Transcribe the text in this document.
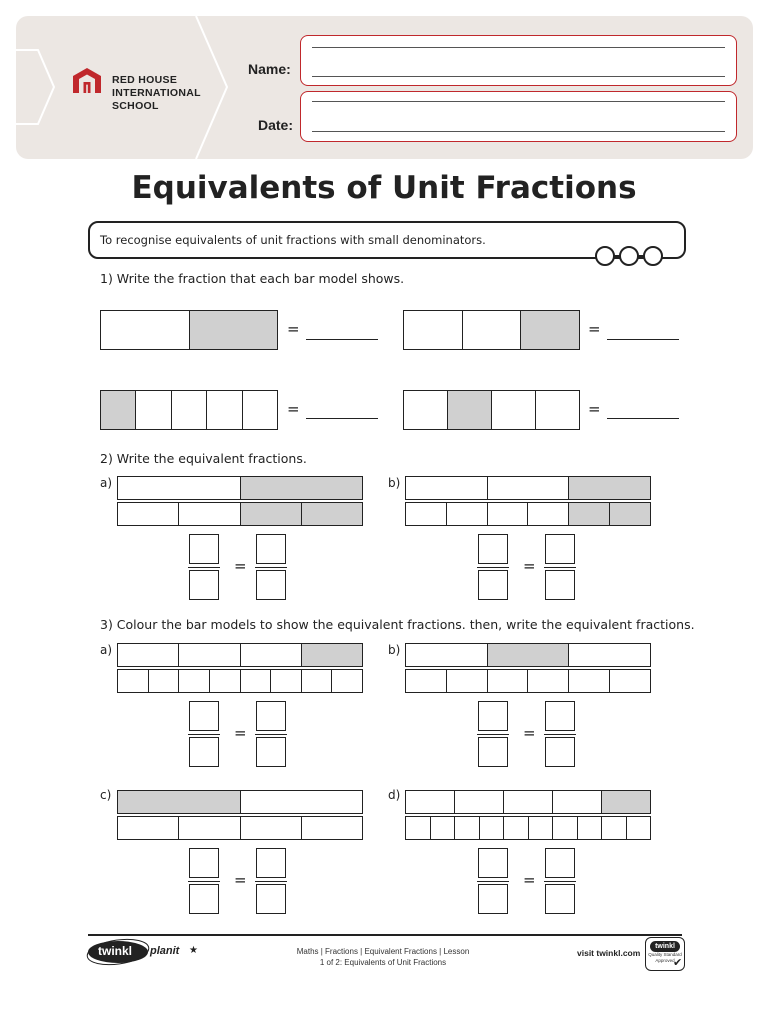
RED HOUSE
INTERNATIONAL
SCHOOL
Name:
Date:
Equivalents of Unit Fractions
To recognise equivalents of unit fractions with small denominators.
1) Write the fraction that each bar model shows.
=	=
=	=
2) Write the equivalent fractions.
a)	b)
3) Colour the bar models to show the equivalent fractions. then, write the equivalent fractions.
a)	b)
c)	d)
twinkl planit ★	Maths | Fractions | Equivalent Fractions | Lesson
1 of 2: Equivalents of Unit Fractions
visit twinkl.com
twinkl
Quality Standard
Approved
✔
=	=
=	=
=	=
